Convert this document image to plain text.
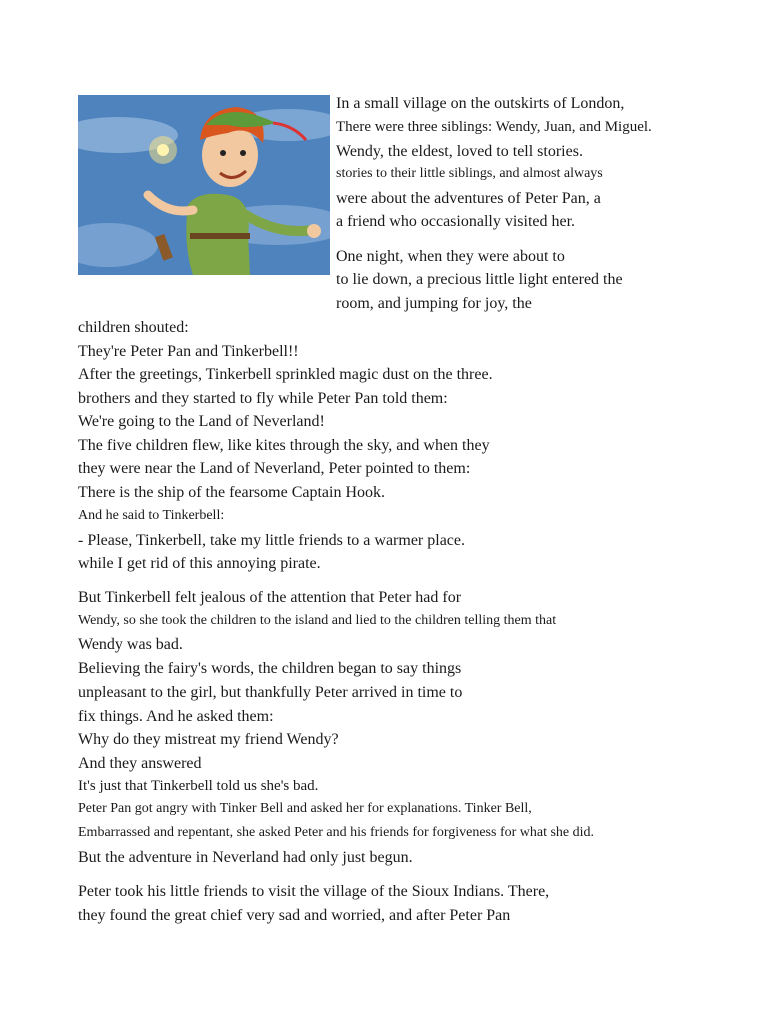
In a small village on the outskirts of London,
There were three siblings: Wendy, Juan, and Miguel.
Wendy, the eldest, loved to tell stories.
stories to their little siblings, and almost always
were about the adventures of Peter Pan, a
a friend who occasionally visited her.
One night, when they were about to
to lie down, a precious little light entered the
room, and jumping for joy, the
children shouted:
They're Peter Pan and Tinkerbell!!
After the greetings, Tinkerbell sprinkled magic dust on the three.
brothers and they started to fly while Peter Pan told them:
We're going to the Land of Neverland!
The five children flew, like kites through the sky, and when they
they were near the Land of Neverland, Peter pointed to them:
There is the ship of the fearsome Captain Hook.
And he said to Tinkerbell:
- Please, Tinkerbell, take my little friends to a warmer place.
while I get rid of this annoying pirate.
But Tinkerbell felt jealous of the attention that Peter had for
Wendy, so she took the children to the island and lied to the children telling them that
Wendy was bad.
Believing the fairy's words, the children began to say things
unpleasant to the girl, but thankfully Peter arrived in time to
fix things. And he asked them:
Why do they mistreat my friend Wendy?
And they answered
It's just that Tinkerbell told us she's bad.
Peter Pan got angry with Tinker Bell and asked her for explanations. Tinker Bell,
Embarrassed and repentant, she asked Peter and his friends for forgiveness for what she did.
But the adventure in Neverland had only just begun.
Peter took his little friends to visit the village of the Sioux Indians. There,
they found the great chief very sad and worried, and after Peter Pan
